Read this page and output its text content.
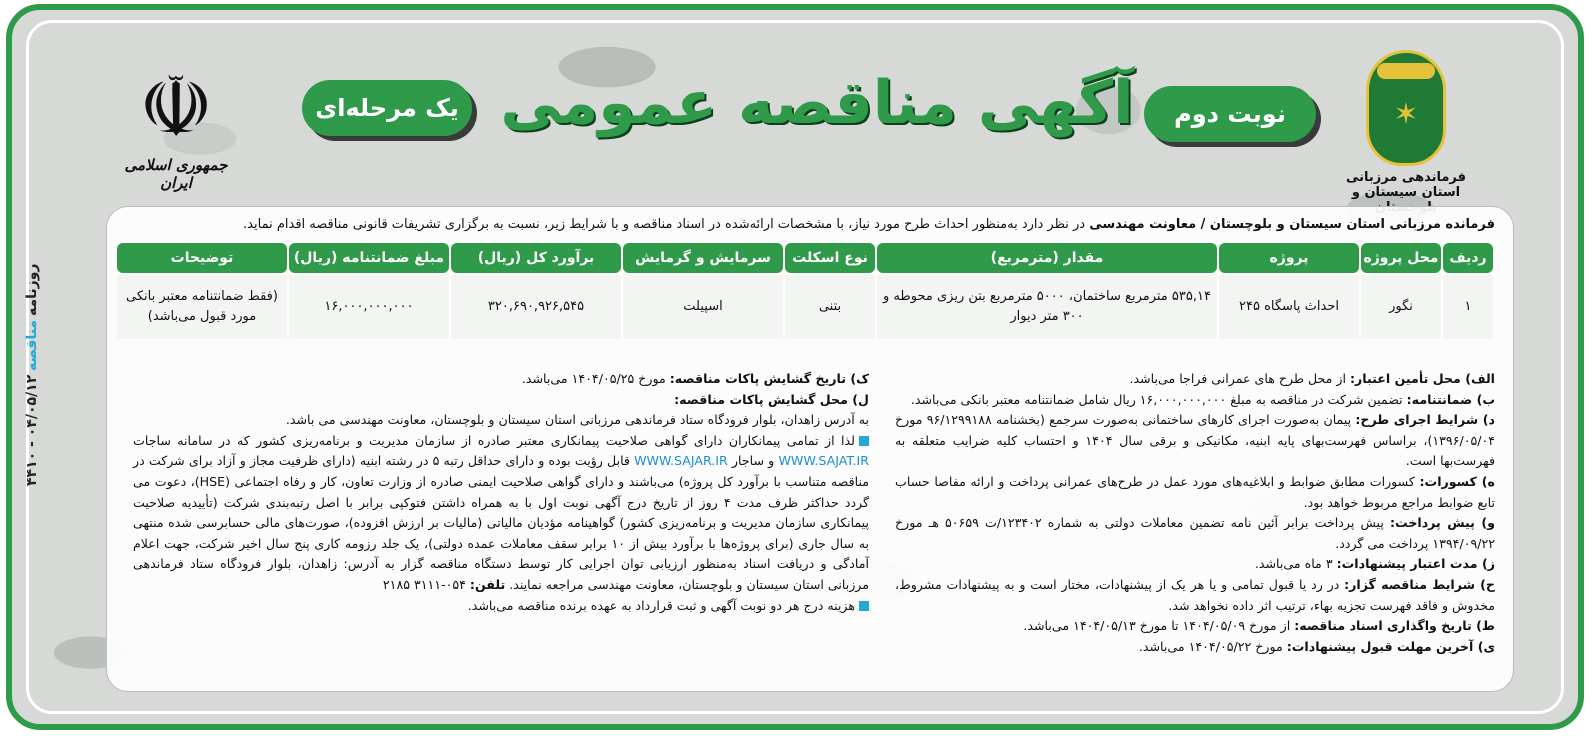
روزنامه
مناقصه
۰۴/۰۵/۱۲ - ۴۴۱۰
☫
جمهوری اسلامی ایران
✶
فرماندهی مرزبانی
استان سیستان و
نوبت دوم
آگهی مناقصه عمومی
یک مرحله‌ای
فرمانده مرزبانی استان سیستان و بلوچستان / معاونت مهندسی در نظر دارد به‌منظور احداث طرح مورد نیاز، با مشخصات ارائه‌شده در اسناد مناقصه و با شرایط زیر، نسبت به برگزاری تشریفات قانونی مناقصه اقدام نماید.
ردیف	محل پروژه	پروژه	مقدار (مترمربع)	نوع اسکلت	سرمایش و گرمایش	برآورد کل (ریال)	مبلغ ضمانتنامه (ریال)	توضیحات
۱	نگور	احداث پاسگاه ۲۴۵	۵۳۵,۱۴ مترمربع ساختمان، ۵۰۰۰ مترمربع بتن ریزی محوطه و ۳۰۰ متر دیوار	بتنی	اسپیلت	۳۲۰,۶۹۰,۹۲۶,۵۴۵	۱۶,۰۰۰,۰۰۰,۰۰۰	(فقط ضمانتنامه معتبر بانکی مورد قبول می‌باشد)
الف) محل تأمین اعتبار: از محل طرح های عمرانی فراجا می‌باشد.
ب) ضمانتنامه: تضمین شرکت در مناقصه به مبلغ ۱۶,۰۰۰,۰۰۰,۰۰۰ ریال شامل ضمانتنامه معتبر بانکی می‌باشد.
د) شرایط اجرای طرح: پیمان به‌صورت اجرای کارهای ساختمانی به‌صورت سرجمع (بخشنامه ۹۶/۱۲۹۹۱۸۸ مورخ ۱۳۹۶/۰۵/۰۴)، براساس فهرست‌بهای پایه ابنیه، مکانیکی و برقی سال ۱۴۰۴ و احتساب کلیه ضرایب متعلقه به فهرست‌بها است.
ه) کسورات: کسورات مطابق ضوابط و ابلاغیه‌های مورد عمل در طرح‌های عمرانی پرداخت و ارائه مفاصا حساب تابع ضوابط مراجع مربوط خواهد بود.
و) پیش پرداخت: پیش پرداخت برابر آئین نامه تضمین معاملات دولتی به شماره ۱۲۳۴۰۲/ت ۵۰۶۵۹ هـ مورخ ۱۳۹۴/۰۹/۲۲ پرداخت می گردد.
ز) مدت اعتبار پیشنهادات: ۳ ماه می‌باشد.
ح) شرایط مناقصه گزار: در رد یا قبول تمامی و یا هر یک از پیشنهادات، مختار است و به پیشنهادات مشروط، مخدوش و فاقد فهرست تجزیه بهاء، ترتیب اثر داده نخواهد شد.
ط) تاریخ واگذاری اسناد مناقصه: از مورخ ۱۴۰۴/۰۵/۰۹ تا مورخ ۱۴۰۴/۰۵/۱۳ می‌باشد.
ی) آخرین مهلت قبول پیشنهادات: مورخ ۱۴۰۴/۰۵/۲۲ می‌باشد.
ک) تاریخ گشایش پاکات مناقصه: مورخ ۱۴۰۴/۰۵/۲۵ می‌باشد.
ل) محل گشایش پاکات مناقصه:
به آدرس زاهدان، بلوار فرودگاه ستاد فرماندهی مرزبانی استان سیستان و بلوچستان، معاونت مهندسی می باشد.
لذا از تمامی پیمانکاران دارای گواهی صلاحیت پیمانکاری معتبر صادره از سازمان مدیریت و برنامه‌ریزی کشور که در سامانه ساجات WWW.SAJAT.IR و ساجار WWW.SAJAR.IR قابل رؤیت بوده و دارای حداقل رتبه ۵ در رشته ابنیه (دارای ظرفیت مجاز و آزاد برای شرکت در مناقصه متناسب با برآورد کل پروژه) می‌باشند و دارای گواهی صلاحیت ایمنی صادره از وزارت تعاون، کار و رفاه اجتماعی (HSE)، دعوت می گردد حداکثر ظرف مدت ۴ روز از تاریخ درج آگهی نوبت اول با به همراه داشتن فتوکپی برابر با اصل رتبه‌بندی شرکت (تأییدیه صلاحیت پیمانکاری سازمان مدیریت و برنامه‌ریزی کشور) گواهینامه مؤدیان مالیاتی (مالیات بر ارزش افزوده)، صورت‌های مالی حسابرسی شده منتهی به سال جاری (برای پروژه‌ها با برآورد بیش از ۱۰ برابر سقف معاملات عمده دولتی)، یک جلد رزومه کاری پنج سال اخیر شرکت، جهت اعلام آمادگی و دریافت اسناد به‌منظور ارزیابی توان اجرایی کار توسط دستگاه مناقصه گزار به آدرس: زاهدان، بلوار فرودگاه ستاد فرماندهی مرزبانی استان سیستان و بلوچستان، معاونت مهندسی مراجعه نمایند. تلفن: ۰۵۴-۳۱۱۱ ۲۱۸۵
هزینه درج هر دو نوبت آگهی و ثبت قرارداد به عهده برنده مناقصه می‌باشد.
